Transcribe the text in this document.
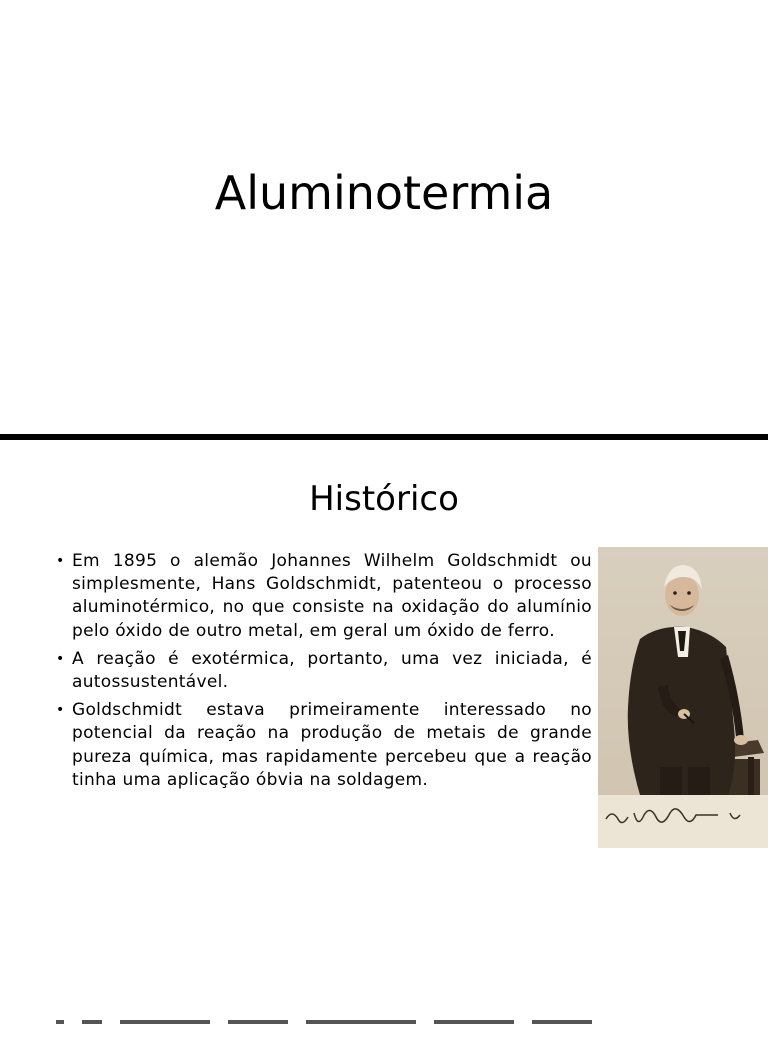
Aluminotermia
Histórico
• Em 1895 o alemão Johannes Wilhelm Goldschmidt ou simplesmente, Hans Goldschmidt, patenteou o processo aluminotérmico, no que consiste na oxidação do alumínio pelo óxido de outro metal, em geral um óxido de ferro.
• A reação é exotérmica, portanto, uma vez iniciada, é autossustentável.
• Goldschmidt estava primeiramente interessado no potencial da reação na produção de metais de grande pureza química, mas rapidamente percebeu que a reação tinha uma aplicação óbvia na soldagem.
